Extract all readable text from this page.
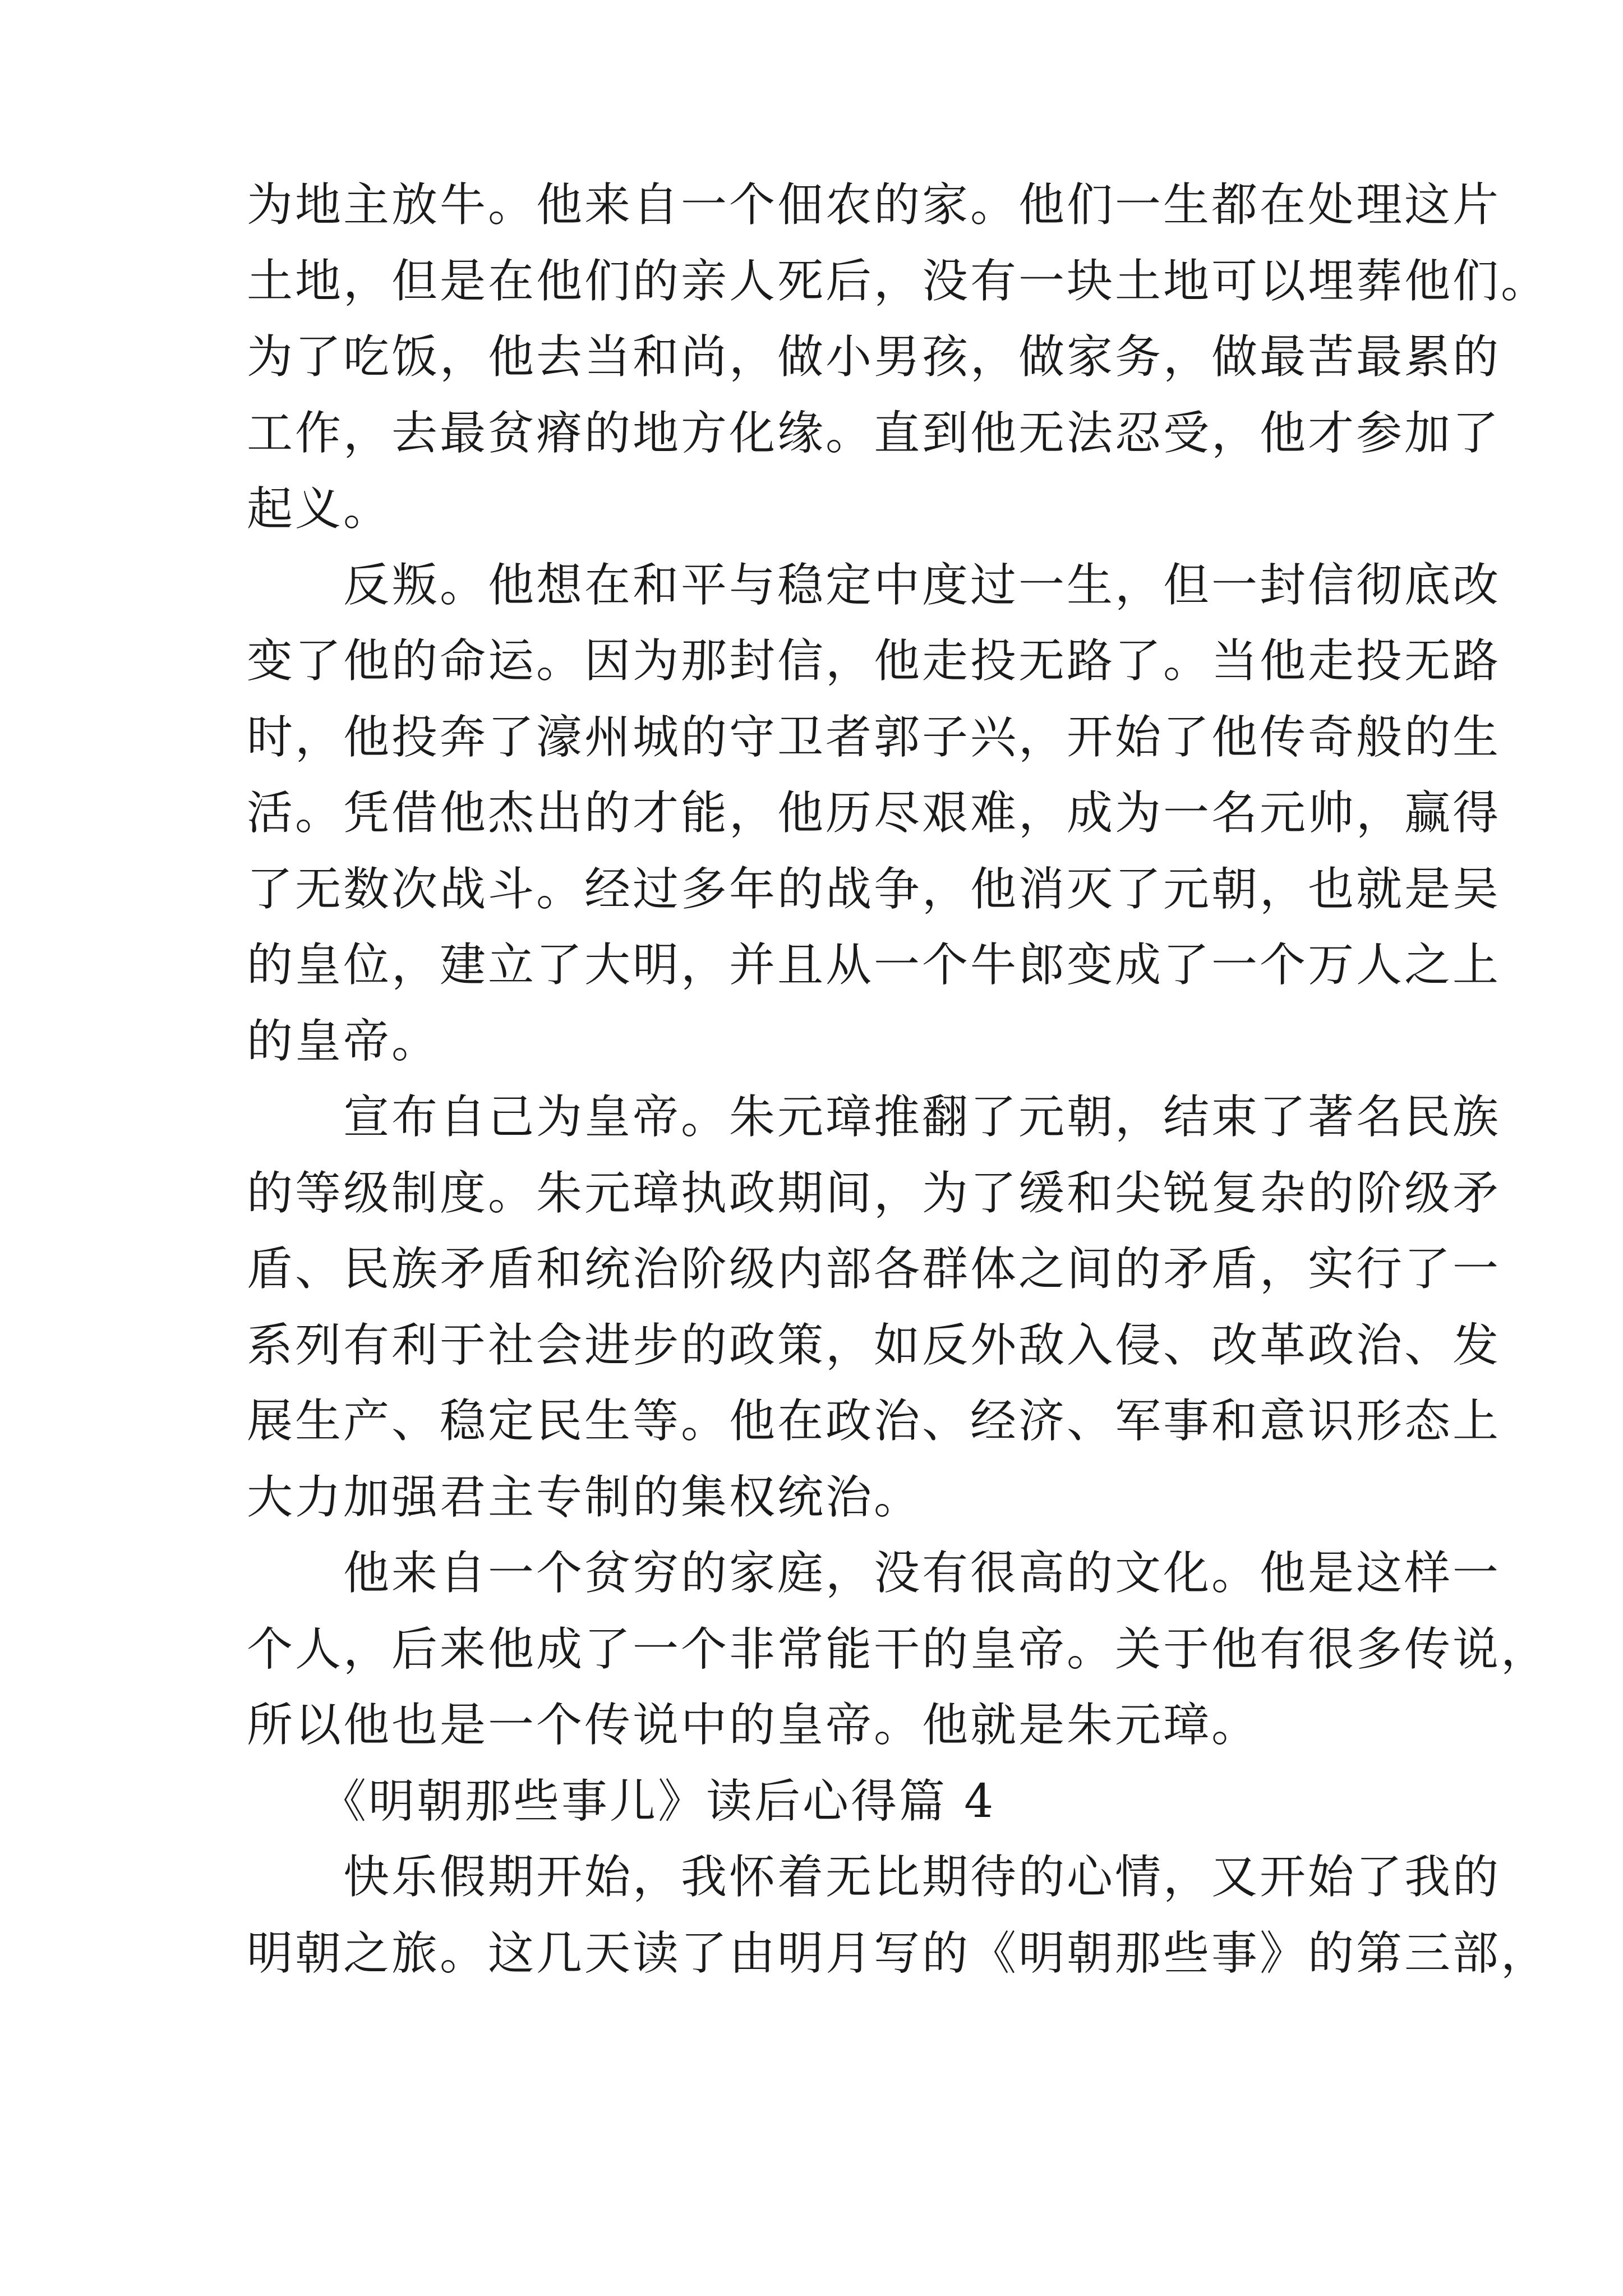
为地主放牛。他来自一个佃农的家。他们一生都在处理这片
土地，但是在他们的亲人死后，没有一块土地可以埋葬他们。
为了吃饭，他去当和尚，做小男孩，做家务，做最苦最累的
工作，去最贫瘠的地方化缘。直到他无法忍受，他才参加了
起义。
　　反叛。他想在和平与稳定中度过一生，但一封信彻底改
变了他的命运。因为那封信，他走投无路了。当他走投无路
时，他投奔了濠州城的守卫者郭子兴，开始了他传奇般的生
活。凭借他杰出的才能，他历尽艰难，成为一名元帅，赢得
了无数次战斗。经过多年的战争，他消灭了元朝，也就是吴
的皇位，建立了大明，并且从一个牛郎变成了一个万人之上
的皇帝。
　　宣布自己为皇帝。朱元璋推翻了元朝，结束了著名民族
的等级制度。朱元璋执政期间，为了缓和尖锐复杂的阶级矛
盾、民族矛盾和统治阶级内部各群体之间的矛盾，实行了一
系列有利于社会进步的政策，如反外敌入侵、改革政治、发
展生产、稳定民生等。他在政治、经济、军事和意识形态上
大力加强君主专制的集权统治。
　　他来自一个贫穷的家庭，没有很高的文化。他是这样一
个人，后来他成了一个非常能干的皇帝。关于他有很多传说，
所以他也是一个传说中的皇帝。他就是朱元璋。
　　《明朝那些事儿》读后心得篇 4
　　快乐假期开始，我怀着无比期待的心情，又开始了我的
明朝之旅。这几天读了由明月写的《明朝那些事》的第三部，
